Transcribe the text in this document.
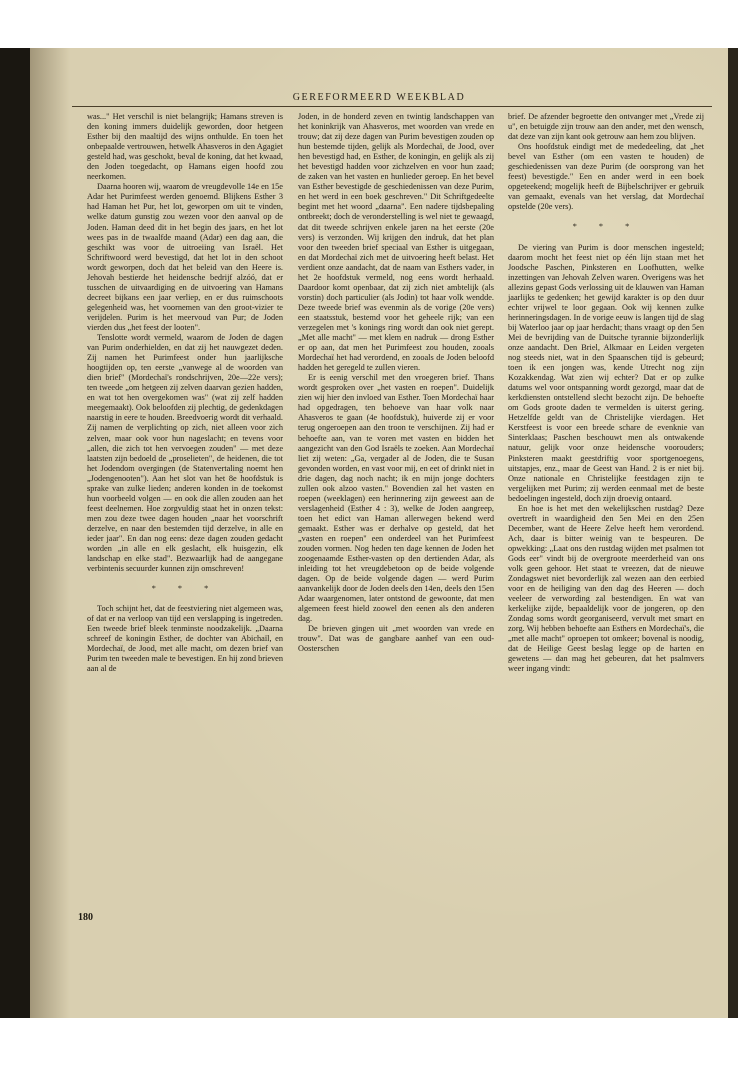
GEREFORMEERD WEEKBLAD

was..." Het verschil is niet belangrijk; Hamans streven is den koning immers duidelijk geworden, door hetgeen Esther bij den maaltijd des wijns onthulde. En toen het onbepaalde vertrouwen, hetwelk Ahasveros in den Agagiet gesteld had, was geschokt, beval de koning, dat het kwaad, den Joden toegedacht, op Hamans eigen hoofd zou neerkomen.

Daarna hooren wij, waarom de vreugdevolle 14e en 15e Adar het Purimfeest werden genoemd. Blijkens Esther 3 had Haman het Pur, het lot, geworpen om uit te vinden, welke datum gunstig zou wezen voor den aanval op de Joden. Haman deed dit in het begin des jaars, en het lot wees pas in de twaalfde maand (Adar) een dag aan, die geschikt was voor de uitroeiing van Israël. Het Schriftwoord werd bevestigd, dat het lot in den schoot wordt geworpen, doch dat het beleid van den Heere is. Jehovah bestierde het heidensche bedrijf alzóó, dat er tusschen de uitvaardiging en de uitvoering van Hamans decreet bijkans een jaar verliep, en er dus ruimschoots gelegenheid was, het voornemen van den groot-vizier te verijdelen. Purim is het meervoud van Pur; de Joden vierden dus „het feest der looten".

Tenslotte wordt vermeld, waarom de Joden de dagen van Purim onderhielden, en dat zij het nauwgezet deden. Zij namen het Purimfeest onder hun jaarlijksche hoogtijden op, ten eerste „vanwege al de woorden van dien brief" (Mordechaï's rondschrijven, 20e—22e vers); ten tweede „om hetgeen zij zelven daarvan gezien hadden, en wat tot hen overgekomen was" (wat zij zelf hadden meegemaakt). Ook beloofden zij plechtig, de gedenkdagen naarstig in eere te houden. Breedvoerig wordt dit verhaald. Zij namen de verplichting op zich, niet alleen voor zich zelven, maar ook voor hun nageslacht; en tevens voor „allen, die zich tot hen vervoegen zouden" — met deze laatsten zijn bedoeld de „proselieten", de heidenen, die tot het Jodendom overgingen (de Statenvertaling noemt hen „Jodengenooten"). Aan het slot van het 8e hoofdstuk is sprake van zulke lieden; anderen konden in de toekomst hun voorbeeld volgen — en ook die allen zouden aan het feest deelnemen. Hoe zorgvuldig staat het in onzen tekst: men zou deze twee dagen houden „naar het voorschrift derzelve, en naar den bestemden tijd derzelve, in alle en ieder jaar". En dan nog eens: deze dagen zouden gedacht worden „in alle en elk geslacht, elk huisgezin, elk landschap en elke stad". Bezwaarlijk had de aangegane verbintenis secuurder kunnen zijn omschreven!

* * *

Toch schijnt het, dat de feestviering niet algemeen was, of dat er na verloop van tijd een verslapping is ingetreden. Een tweede brief bleek tenminste noodzakelijk. „Daarna schreef de koningin Esther, de dochter van Abichaïl, en Mordechaï, de Jood, met alle macht, om dezen brief van Purim ten tweeden male te bevestigen. En hij zond brieven aan al de

Joden, in de honderd zeven en twintig landschappen van het koninkrijk van Ahasveros, met woorden van vrede en trouw; dat zij deze dagen van Purim bevestigen zouden op hun bestemde tijden, gelijk als Mordechaï, de Jood, over hen bevestigd had, en Esther, de koningin, en gelijk als zij het bevestigd hadden voor zichzelven en voor hun zaad; de zaken van het vasten en hunlieder geroep. En het bevel van Esther bevestigde de geschiedenissen van deze Purim, en het werd in een boek geschreven." Dit Schriftgedeelte begint met het woord „daarna". Een nadere tijdsbepaling ontbreekt; doch de veronderstelling is wel niet te gewaagd, dat dit tweede schrijven enkele jaren na het eerste (20e vers) is verzonden. Wij krijgen den indruk, dat het plan voor den tweeden brief speciaal van Esther is uitgegaan, en dat Mordechaï zich met de uitvoering heeft belast. Het verdient onze aandacht, dat de naam van Esthers vader, in het 2e hoofdstuk vermeld, nog eens wordt herhaald. Daardoor komt openbaar, dat zij zich niet ambtelijk (als vorstin) doch particulier (als Jodin) tot haar volk wendde. Deze tweede brief was evenmin als de vorige (20e vers) een staatsstuk, bestemd voor het geheele rijk; van een verzegelen met 's konings ring wordt dan ook niet gerept. „Met alle macht" — met klem en nadruk — drong Esther er op aan, dat men het Purimfeest zou houden, zooals Mordechaï het had verordend, en zooals de Joden beloofd hadden het geregeld te zullen vieren.

Er is eenig verschil met den vroegeren brief. Thans wordt gesproken over „het vasten en roepen". Duidelijk zien wij hier den invloed van Esther. Toen Mordechaï haar had opgedragen, ten behoeve van haar volk naar Ahasveros te gaan (4e hoofdstuk), huiverde zij er voor terug ongeroepen aan den troon te verschijnen. Zij had er behoefte aan, van te voren met vasten en bidden het aangezicht van den God Israëls te zoeken. Aan Mordechaï liet zij weten: „Ga, vergader al de Joden, die te Susan gevonden worden, en vast voor mij, en eet of drinkt niet in drie dagen, dag noch nacht; ik en mijn jonge dochters zullen ook alzoo vasten." Bovendien zal het vasten en roepen (weeklagen) een herinnering zijn geweest aan de verslagenheid (Esther 4 : 3), welke de Joden aangreep, toen het edict van Haman allerwegen bekend werd gemaakt. Esther was er derhalve op gesteld, dat het „vasten en roepen" een onderdeel van het Purimfeest zouden vormen. Nog heden ten dage kennen de Joden het zoogenaamde Esther-vasten op den dertienden Adar, als inleiding tot het vreugdebetoon op de beide volgende dagen. Op de beide volgende dagen — werd Purim aanvankelijk door de Joden deels den 14en, deels den 15en Adar waargenomen, later ontstond de gewoonte, dat men algemeen feest hield zoowel den eenen als den anderen dag.

De brieven gingen uit „met woorden van vrede en trouw". Dat was de gangbare aanhef van een oud-Oosterschen

brief. De afzender begroette den ontvanger met „Vrede zij u", en betuigde zijn trouw aan den ander, met den wensch, dat deze van zijn kant ook getrouw aan hem zou blijven.

Ons hoofdstuk eindigt met de mededeeling, dat „het bevel van Esther (om een vasten te houden) de geschiedenissen van deze Purim (de oorsprong van het feest) bevestigde." Een en ander werd in een boek opgeteekend; mogelijk heeft de Bijbelschrijver er gebruik van gemaakt, evenals van het verslag, dat Mordechaï opstelde (20e vers).

* * *

De viering van Purim is door menschen ingesteld; daarom mocht het feest niet op één lijn staan met het Joodsche Paschen, Pinksteren en Loofhutten, welke inzettingen van Jehovah Zelven waren. Overigens was het allezins gepast Gods verlossing uit de klauwen van Haman jaarlijks te gedenken; het gewijd karakter is op den duur echter vrijwel te loor gegaan. Ook wij kennen zulke herinneringsdagen. In de vorige eeuw is langen tijd de slag bij Waterloo jaar op jaar herdacht; thans vraagt op den 5en Mei de bevrijding van de Duitsche tyrannie bijzonderlijk onze aandacht. Den Briel, Alkmaar en Leiden vergeten nog steeds niet, wat in den Spaanschen tijd is gebeurd; toen ik een jongen was, kende Utrecht nog zijn Kozakkendag. Wat zien wij echter? Dat er op zulke datums wel voor ontspanning wordt gezorgd, maar dat de kerkdiensten ontstellend slecht bezocht zijn. De behoefte om Gods groote daden te vermelden is uiterst gering. Hetzelfde geldt van de Christelijke vierdagen. Het Kerstfeest is voor een breede schare de evenknie van Sinterklaas; Paschen beschouwt men als ontwakende natuur, gelijk voor onze heidensche voorouders; Pinksteren maakt geestdriftig voor sportgenoegens, uitstapjes, enz., maar de Geest van Hand. 2 is er niet bij. Onze nationale en Christelijke feestdagen zijn te vergelijken met Purim; zij werden eenmaal met de beste bedoelingen ingesteld, doch zijn droevig ontaard.

En hoe is het met den wekelijkschen rustdag? Deze overtreft in waardigheid den 5en Mei en den 25en December, want de Heere Zelve heeft hem verordend. Ach, daar is bitter weinig van te bespeuren. De opwekking: „Laat ons den rustdag wijden met psalmen tot Gods eer" vindt bij de overgroote meerderheid van ons volk geen gehoor. Het staat te vreezen, dat de nieuwe Zondagswet niet bevorderlijk zal wezen aan den eerbied voor en de heiliging van den dag des Heeren — doch veeleer de verwording zal bestendigen. En wat van kerkelijke zijde, bepaaldelijk voor de jongeren, op den Zondag soms wordt georganiseerd, vervult met smart en zorg. Wij hebben behoefte aan Esthers en Mordechaï's, die „met alle macht" oproepen tot omkeer; bovenal is noodig, dat de Heilige Geest beslag legge op de harten en gewetens — dan mag het gebeuren, dat het psalmvers weer ingang vindt:

180
